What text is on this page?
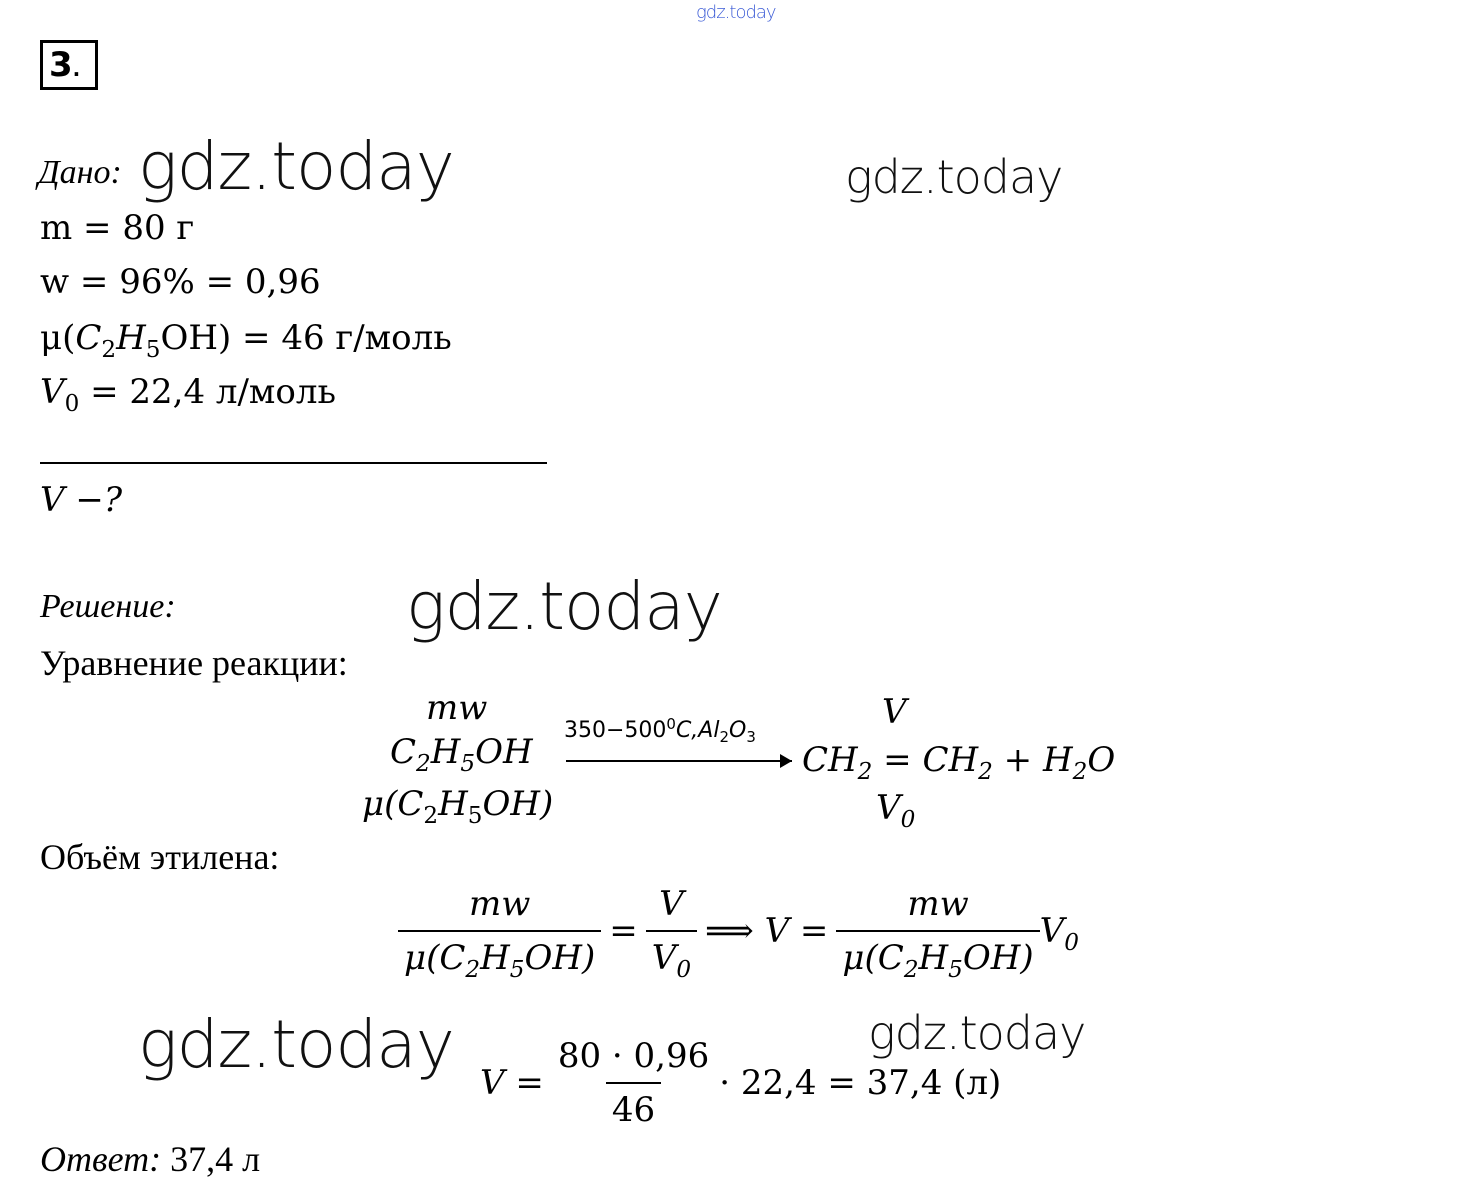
gdz.today
gdz.today	gdz.today
gdz.today
gdz.today	gdz.today
3.
Дано:
m = 80 г
w = 96% = 0,96
$\mu(C_2H_5OH) = 46$ г/моль
$V_0 = 22,4$ л/моль
V −?
Решение:
Уравнение реакции:
mw
$C_2H_5OH$
$\mu(C_2H_5OH)$
$350-500^0C,Al_2O_3$
V
$CH_2 = CH_2 + H_2O$
$V_0$
Объём этилена:
$\frac{mw}{\mu(C_2H_5OH)} = \frac{V}{V_0}$ ⟹ $V = \frac{mw}{\mu(C_2H_5OH)} V_0$
$V = \frac{80 \cdot 0,96}{46} \cdot 22,4 = 37,4$ (л)
Ответ: 37,4 л
